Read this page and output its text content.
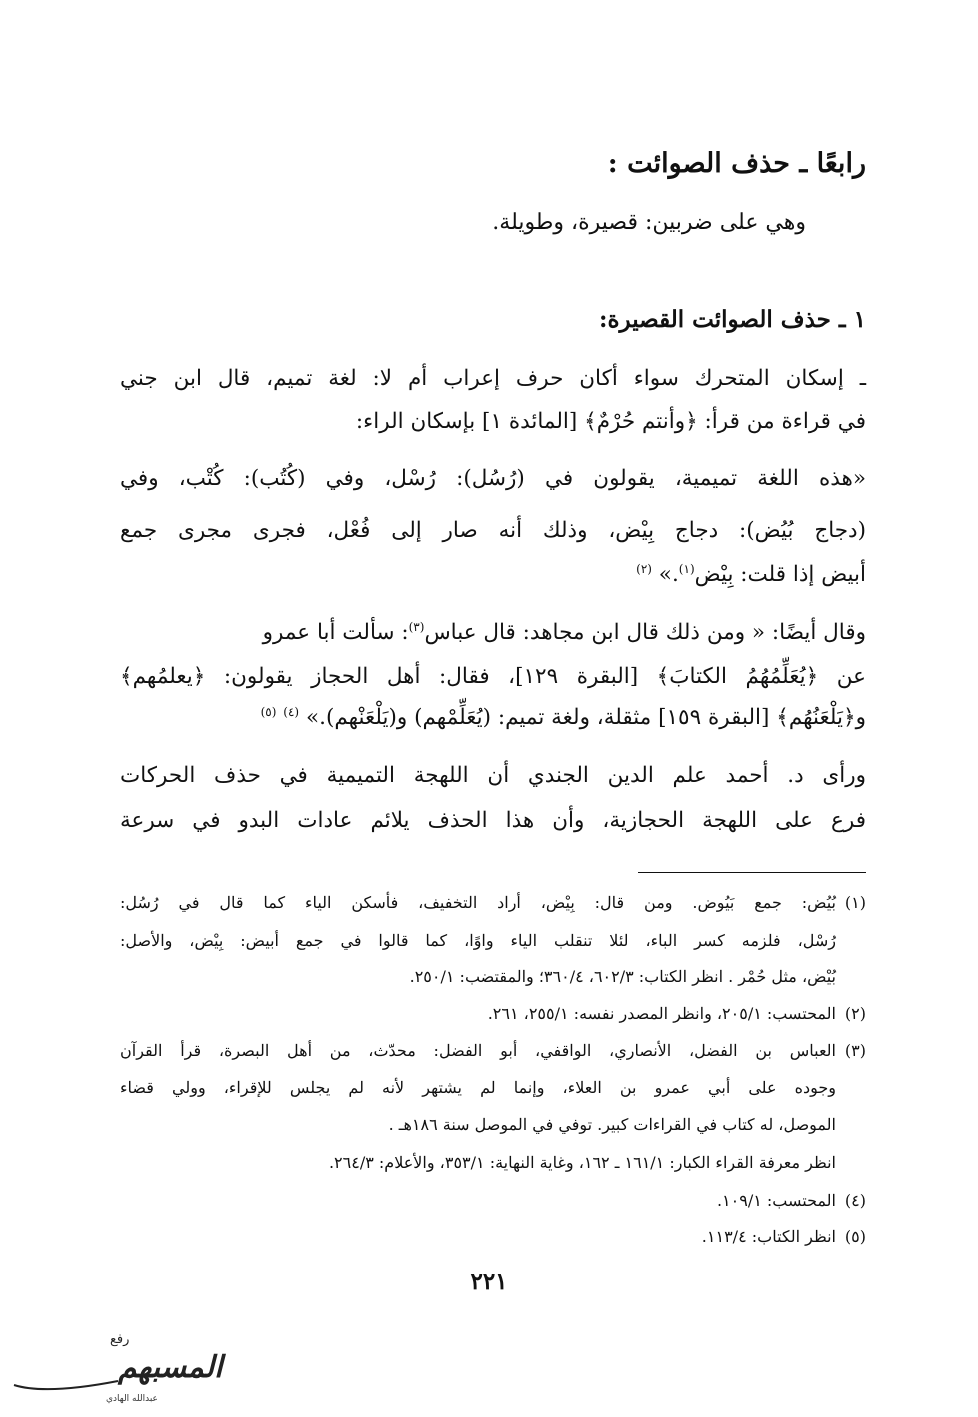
رابعًا ـ حذف الصوائت :
وهي على ضربين: قصيرة، وطويلة.
١ ـ حذف الصوائت القصيرة:
ـ إسكان المتحرك سواء أكان حرف إعراب أم لا: لغة تميم، قال ابن جني
في قراءة من قرأ: ﴿وأنتم حُرْمٌ﴾ [المائدة ١] بإسكان الراء:
«هذه اللغة تميمية، يقولون في (رُسُل): رُسْل، وفي (كُتُب): كُتْب، وفي
(دجاج بُيُض): دجاج بِيْض، وذلك أنه صار إلى فُعْل، فجرى مجرى جمع
أبيض إذا قلت: بِيْض$^{(١)}$.» $^{(٢)}$
وقال أيضًا: « ومن ذلك قال ابن مجاهد: قال عباس$^{(٣)}$: سألت أبا عمرو
عن ﴿يُعَلِّمُهُمُ الكتابَ﴾ [البقرة ١٢٩]، فقال: أهل الحجاز يقولون: ﴿يعلمُهم﴾
و﴿يَلْعَنُهُم﴾ [البقرة ١٥٩] مثقلة، ولغة تميم: (يُعَلِّمْهم) و(يَلْعَنْهم).» $^{(٤)}$ $^{(٥)}$
ورأى د. أحمد علم الدين الجندي أن اللهجة التميمية في حذف الحركات
فرع على اللهجة الحجازية، وأن هذا الحذف يلائم عادات البدو في سرعة
(١)بُيُض: جمع بَيُوض. ومن قال: بِيْض، أراد التخفيف، فأسكن الياء كما قال في رُسُل:
رُسْل، فلزمه كسر الباء، لئلا تنقلب الياء واوًا، كما قالوا في جمع أبيض: بِيْض، والأصل:
بُيْض، مثل حُمْر . انظر الكتاب: ٦٠٢/٣، ٣٦٠/٤؛ والمقتضب: ٢٥٠/١.
(٢)المحتسب: ٢٠٥/١، وانظر المصدر نفسه: ٢٥٥/١، ٢٦١.
(٣)العباس بن الفضل، الأنصاري، الواقفي، أبو الفضل: محدّث، من أهل البصرة، قرأ القرآن
وجوده على أبي عمرو بن العلاء، وإنما لم يشتهر لأنه لم يجلس للإقراء، وولي قضاء
الموصل، له كتاب في القراءات كبير. توفي في الموصل سنة ١٨٦هـ .
انظر معرفة القراء الكبار: ١٦١/١ ـ ١٦٢، وغاية النهاية: ٣٥٣/١، والأعلام: ٢٦٤/٣.
(٤)المحتسب: ١٠٩/١.
(٥)انظر الكتاب: ١١٣/٤.
٢٢١
رفع
المسبهم
عبدالله الهادي
